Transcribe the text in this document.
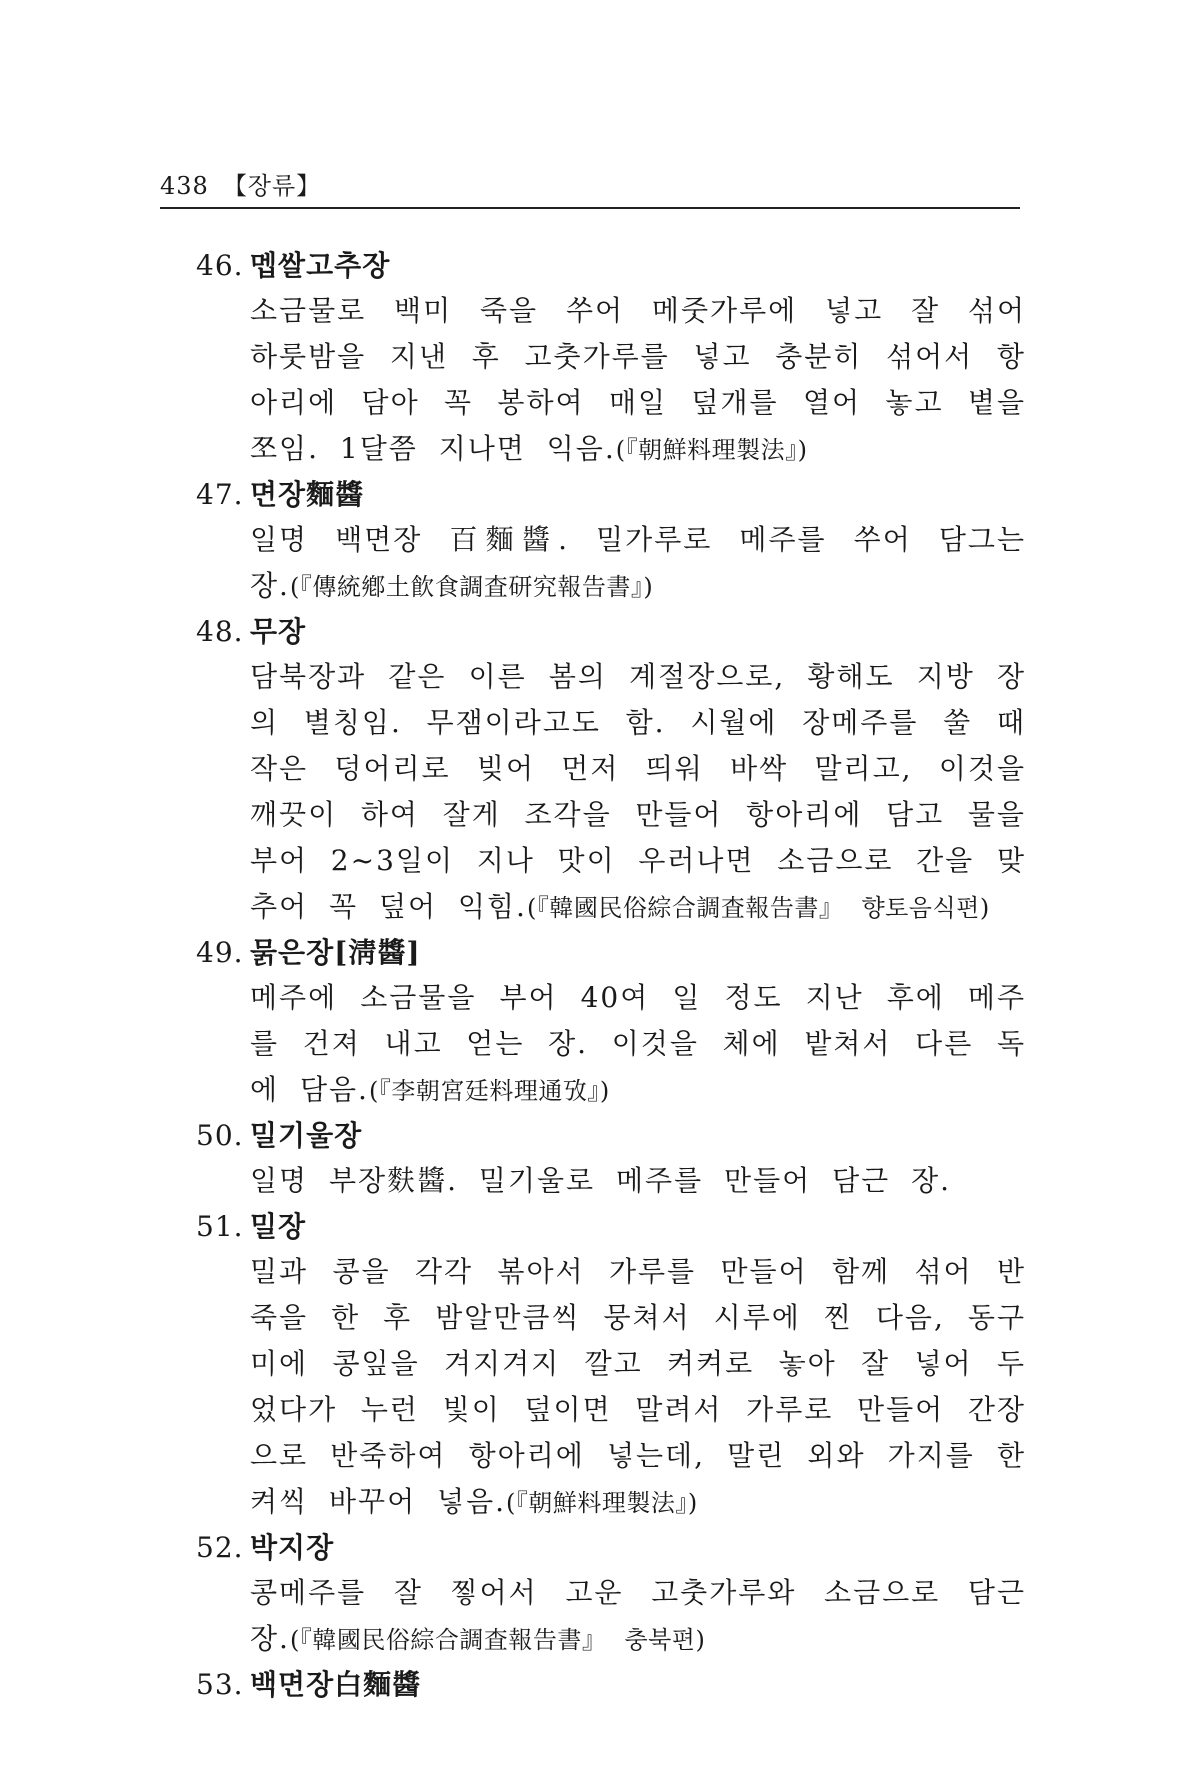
438 【장류】
46. 멥쌀고추장
소금물로 백미 죽을 쑤어 메줏가루에 넣고 잘 섞어 하룻밤을 지낸 후 고춧가루를 넣고 충분히 섞어서 항아리에 담아 꼭 봉하여 매일 덮개를 열어 놓고 볕을 쪼임. 1달쯤 지나면 익음.(『朝鮮料理製法』)
47. 면장麵醬
일명 백면장 百麵醬. 밀가루로 메주를 쑤어 담그는 장.(『傳統鄕土飮食調査研究報告書』)
48. 무장
담북장과 같은 이른 봄의 계절장으로, 황해도 지방 장의 별칭임. 무잼이라고도 함. 시월에 장메주를 쑬 때 작은 덩어리로 빚어 먼저 띄워 바싹 말리고, 이것을 깨끗이 하여 잘게 조각을 만들어 항아리에 담고 물을 부어 2~3일이 지나 맛이 우러나면 소금으로 간을 맞추어 꼭 덮어 익힘.(『韓國民俗綜合調査報告書』 향토음식편)
49. 묽은장[淸醬]
메주에 소금물을 부어 40여 일 정도 지난 후에 메주를 건져 내고 얻는 장. 이것을 체에 밭쳐서 다른 독에 담음.(『李朝宮廷料理通攷』)
50. 밀기울장
일명 부장麩醬. 밀기울로 메주를 만들어 담근 장.
51. 밀장
밀과 콩을 각각 볶아서 가루를 만들어 함께 섞어 반죽을 한 후 밤알만큼씩 뭉쳐서 시루에 찐 다음, 동구미에 콩잎을 겨지겨지 깔고 켜켜로 놓아 잘 넣어 두었다가 누런 빛이 덮이면 말려서 가루로 만들어 간장으로 반죽하여 항아리에 넣는데, 말린 외와 가지를 한 켜씩 바꾸어 넣음.(『朝鮮料理製法』)
52. 박지장
콩메주를 잘 찧어서 고운 고춧가루와 소금으로 담근 장.(『韓國民俗綜合調査報告書』 충북편)
53. 백면장白麵醬
